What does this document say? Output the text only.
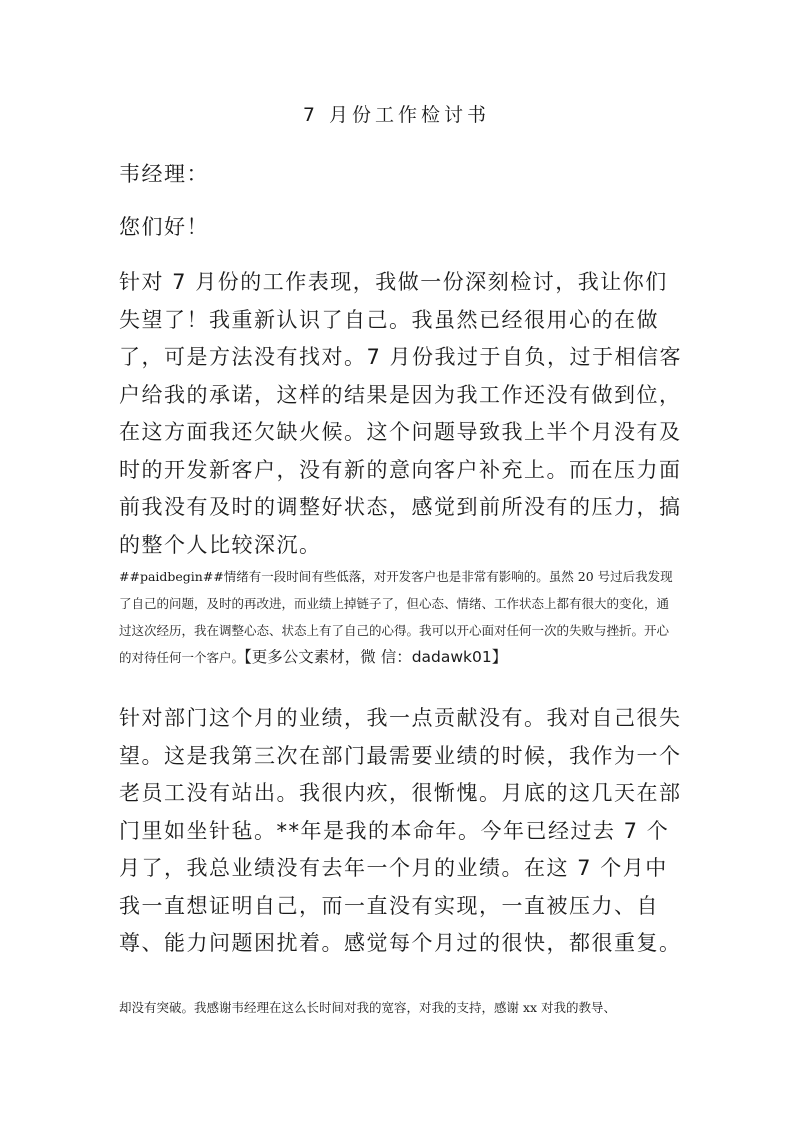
7 月份工作检讨书

韦经理：

您们好！

针对 7 月份的工作表现，我做一份深刻检讨，我让你们失望了！我重新认识了自己。我虽然已经很用心的在做了，可是方法没有找对。7 月份我过于自负，过于相信客户给我的承诺，这样的结果是因为我工作还没有做到位，在这方面我还欠缺火候。这个问题导致我上半个月没有及时的开发新客户，没有新的意向客户补充上。而在压力面前我没有及时的调整好状态，感觉到前所没有的压力，搞的整个人比较深沉。

##paidbegin##情绪有一段时间有些低落，对开发客户也是非常有影响的。虽然 20 号过后我发现了自己的问题，及时的再改进，而业绩上掉链子了，但心态、情绪、工作状态上都有很大的变化，通过这次经历，我在调整心态、状态上有了自己的心得。我可以开心面对任何一次的失败与挫折。开心的对待任何一个客户。【更多公文素材，微 信：dadawk01】

针对部门这个月的业绩，我一点贡献没有。我对自己很失望。这是我第三次在部门最需要业绩的时候，我作为一个老员工没有站出。我很内疚，很惭愧。月底的这几天在部门里如坐针毡。**年是我的本命年。今年已经过去 7 个月了，我总业绩没有去年一个月的业绩。在这 7 个月中我一直想证明自己，而一直没有实现，一直被压力、自尊、能力问题困扰着。感觉每个月过的很快，都很重复。

却没有突破。我感谢韦经理在这么长时间对我的宽容，对我的支持，感谢 xx 对我的教导、
